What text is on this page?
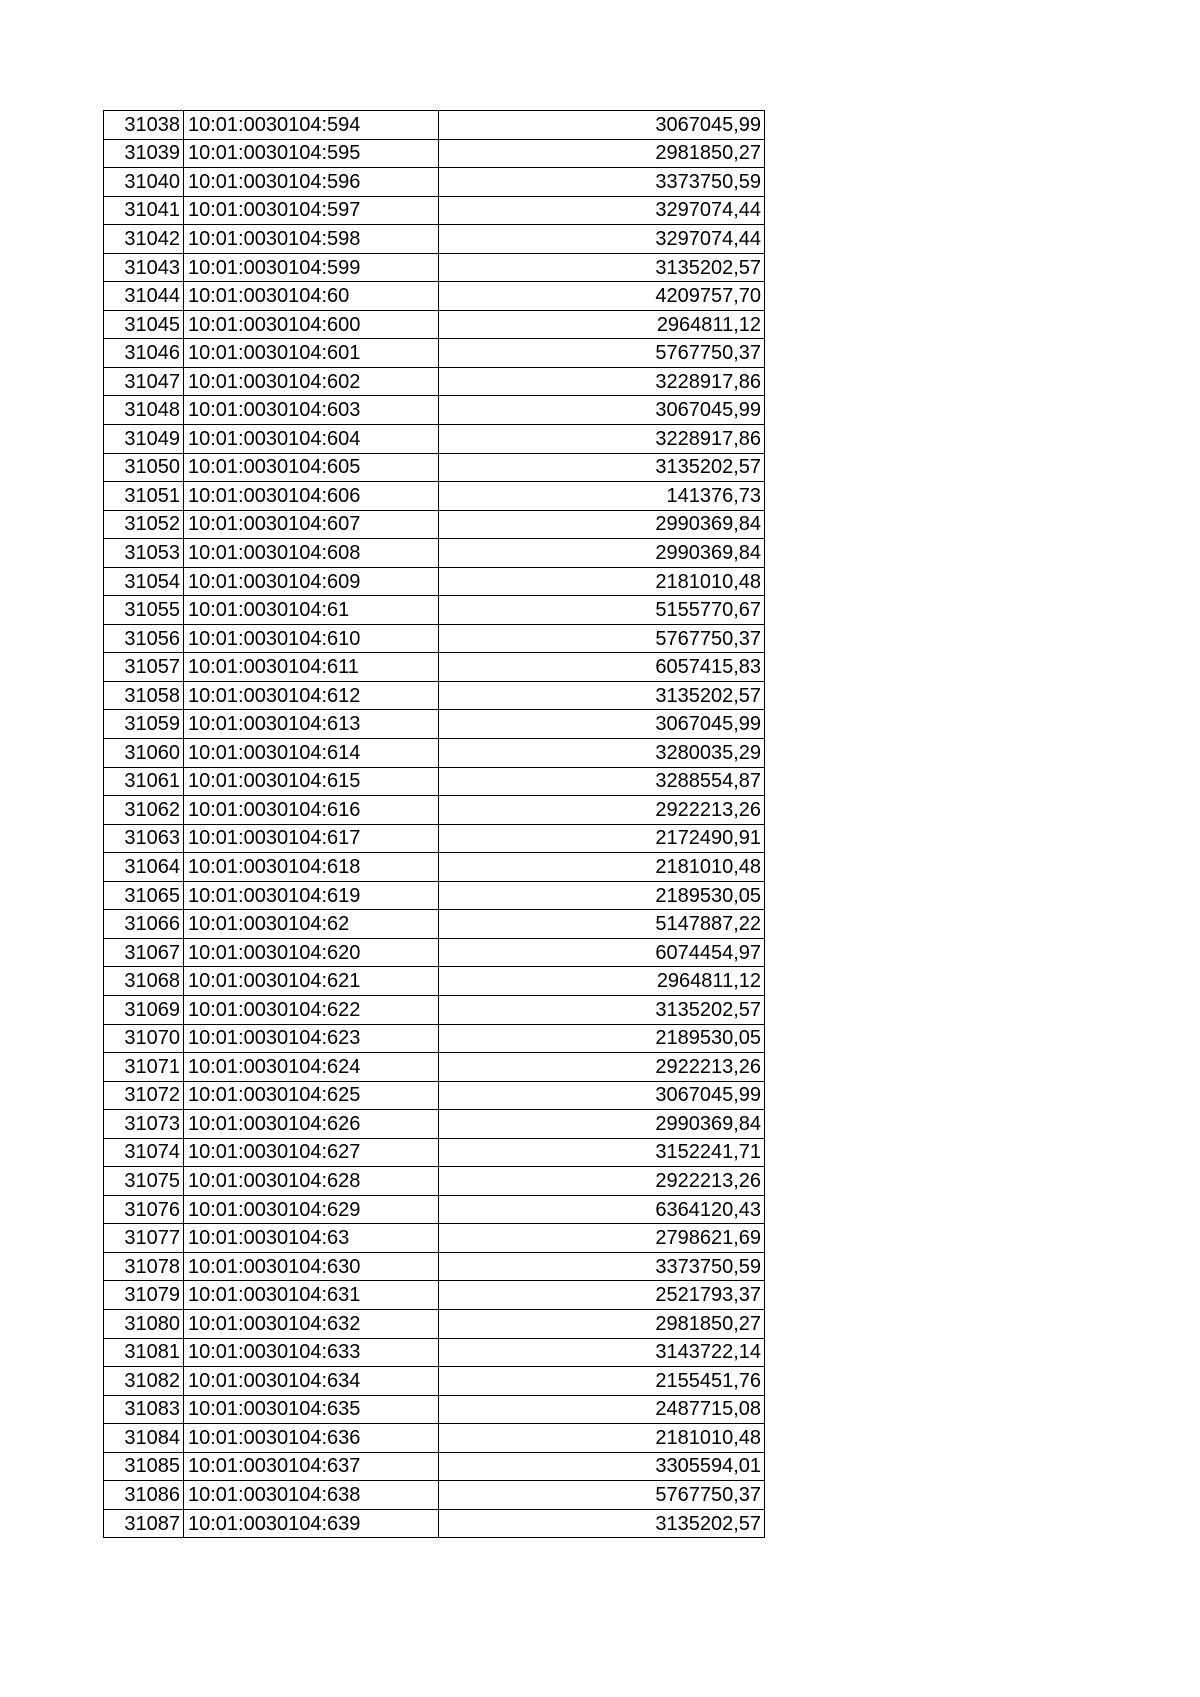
31038	10:01:0030104:594	3067045,99
31039	10:01:0030104:595	2981850,27
31040	10:01:0030104:596	3373750,59
31041	10:01:0030104:597	3297074,44
31042	10:01:0030104:598	3297074,44
31043	10:01:0030104:599	3135202,57
31044	10:01:0030104:60	4209757,70
31045	10:01:0030104:600	2964811,12
31046	10:01:0030104:601	5767750,37
31047	10:01:0030104:602	3228917,86
31048	10:01:0030104:603	3067045,99
31049	10:01:0030104:604	3228917,86
31050	10:01:0030104:605	3135202,57
31051	10:01:0030104:606	141376,73
31052	10:01:0030104:607	2990369,84
31053	10:01:0030104:608	2990369,84
31054	10:01:0030104:609	2181010,48
31055	10:01:0030104:61	5155770,67
31056	10:01:0030104:610	5767750,37
31057	10:01:0030104:611	6057415,83
31058	10:01:0030104:612	3135202,57
31059	10:01:0030104:613	3067045,99
31060	10:01:0030104:614	3280035,29
31061	10:01:0030104:615	3288554,87
31062	10:01:0030104:616	2922213,26
31063	10:01:0030104:617	2172490,91
31064	10:01:0030104:618	2181010,48
31065	10:01:0030104:619	2189530,05
31066	10:01:0030104:62	5147887,22
31067	10:01:0030104:620	6074454,97
31068	10:01:0030104:621	2964811,12
31069	10:01:0030104:622	3135202,57
31070	10:01:0030104:623	2189530,05
31071	10:01:0030104:624	2922213,26
31072	10:01:0030104:625	3067045,99
31073	10:01:0030104:626	2990369,84
31074	10:01:0030104:627	3152241,71
31075	10:01:0030104:628	2922213,26
31076	10:01:0030104:629	6364120,43
31077	10:01:0030104:63	2798621,69
31078	10:01:0030104:630	3373750,59
31079	10:01:0030104:631	2521793,37
31080	10:01:0030104:632	2981850,27
31081	10:01:0030104:633	3143722,14
31082	10:01:0030104:634	2155451,76
31083	10:01:0030104:635	2487715,08
31084	10:01:0030104:636	2181010,48
31085	10:01:0030104:637	3305594,01
31086	10:01:0030104:638	5767750,37
31087	10:01:0030104:639	3135202,57
